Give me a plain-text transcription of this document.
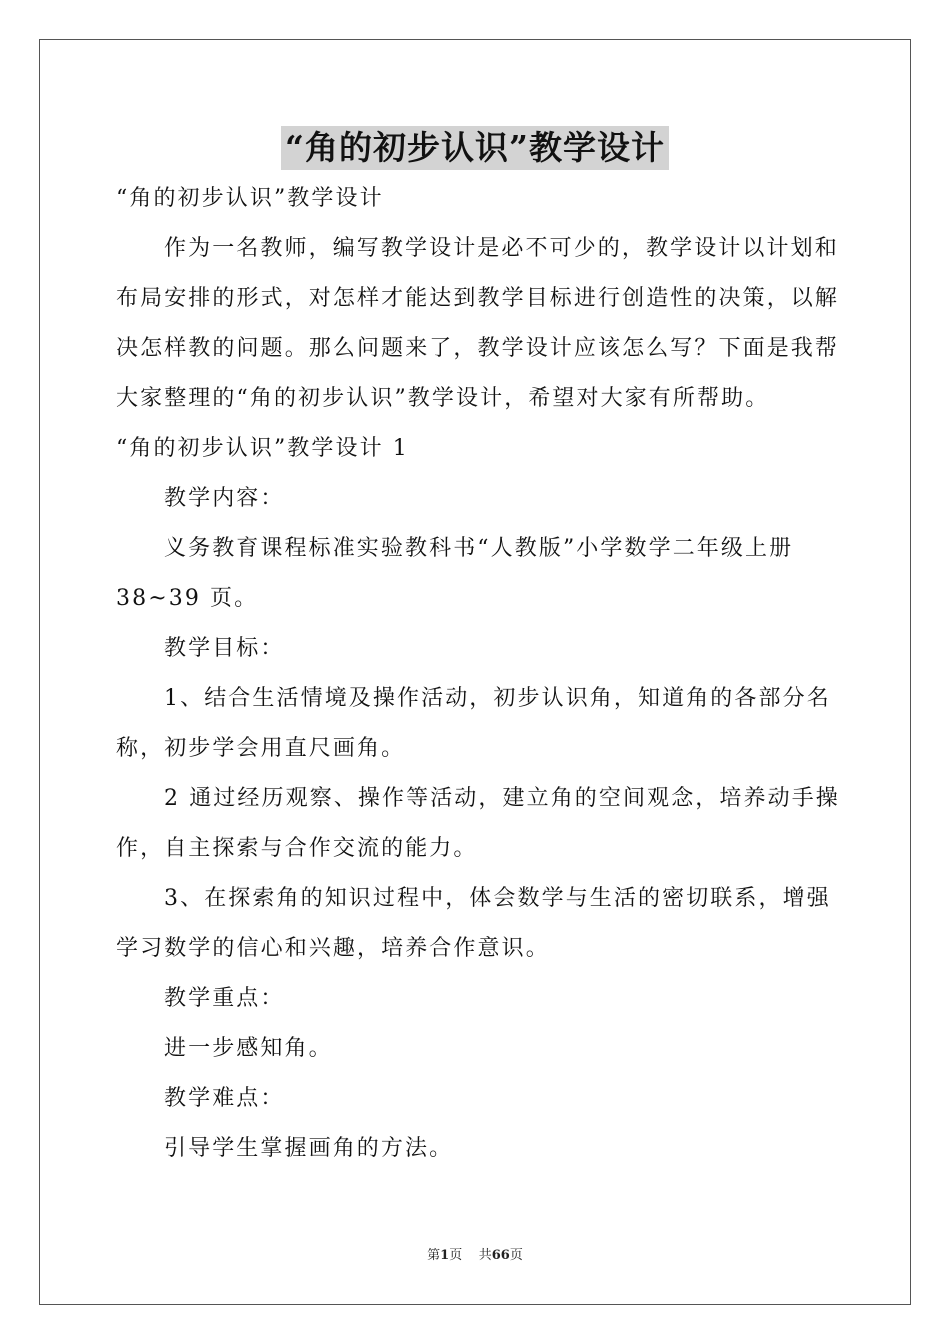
“角的初步认识”教学设计

“角的初步认识”教学设计

作为一名教师，编写教学设计是必不可少的，教学设计以计划和

布局安排的形式，对怎样才能达到教学目标进行创造性的决策，以解

决怎样教的问题。那么问题来了，教学设计应该怎么写？下面是我帮

大家整理的“角的初步认识”教学设计，希望对大家有所帮助。

“角的初步认识”教学设计 1

教学内容：

义务教育课程标准实验教科书“人教版”小学数学二年级上册

38~39 页。

教学目标：

1、结合生活情境及操作活动，初步认识角，知道角的各部分名

称，初步学会用直尺画角。

2 通过经历观察、操作等活动，建立角的空间观念，培养动手操

作，自主探索与合作交流的能力。

3、在探索角的知识过程中，体会数学与生活的密切联系，增强

学习数学的信心和兴趣，培养合作意识。

教学重点：

进一步感知角。

教学难点：

引导学生掌握画角的方法。

第1页 共66页
